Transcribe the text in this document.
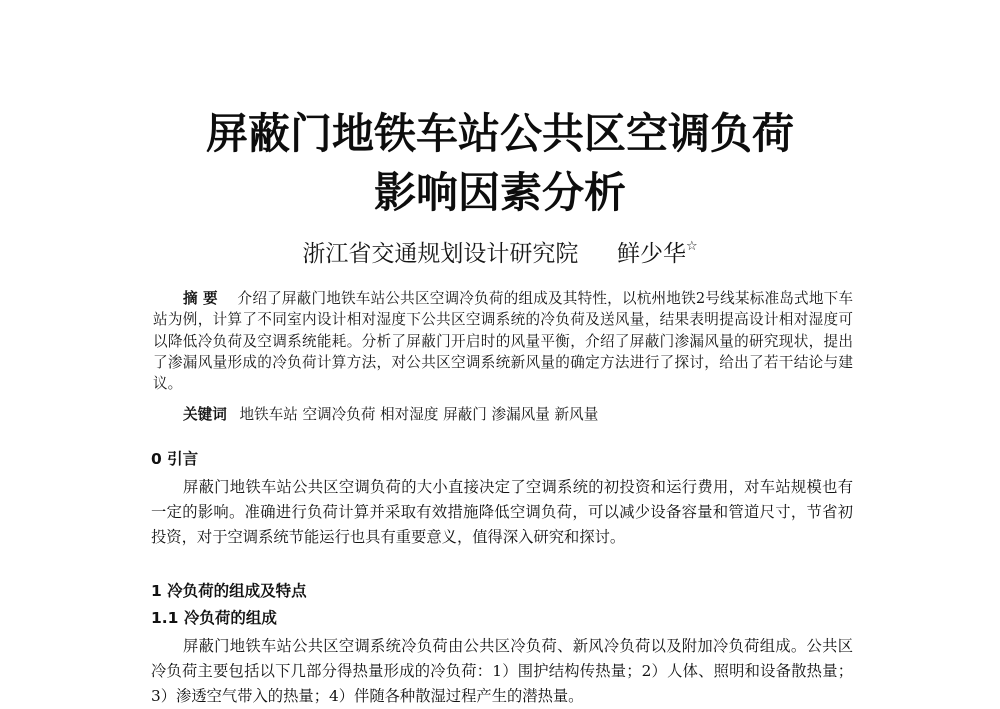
屏蔽门地铁车站公共区空调负荷
影响因素分析
浙江省交通规划设计研究院 鲜少华☆

摘 要 介绍了屏蔽门地铁车站公共区空调冷负荷的组成及其特性，以杭州地铁2号线某标准岛式地下车站为例，计算了不同室内设计相对湿度下公共区空调系统的冷负荷及送风量，结果表明提高设计相对湿度可以降低冷负荷及空调系统能耗。分析了屏蔽门开启时的风量平衡，介绍了屏蔽门渗漏风量的研究现状，提出了渗漏风量形成的冷负荷计算方法，对公共区空调系统新风量的确定方法进行了探讨，给出了若干结论与建议。

关键词 地铁车站 空调冷负荷 相对湿度 屏蔽门 渗漏风量 新风量

0 引言

屏蔽门地铁车站公共区空调负荷的大小直接决定了空调系统的初投资和运行费用，对车站规模也有一定的影响。准确进行负荷计算并采取有效措施降低空调负荷，可以减少设备容量和管道尺寸，节省初投资，对于空调系统节能运行也具有重要意义，值得深入研究和探讨。

1 冷负荷的组成及特点
1.1 冷负荷的组成

屏蔽门地铁车站公共区空调系统冷负荷由公共区冷负荷、新风冷负荷以及附加冷负荷组成。公共区冷负荷主要包括以下几部分得热量形成的冷负荷：1）围护结构传热量；2）人体、照明和设备散热量；3）渗透空气带入的热量；4）伴随各种散湿过程产生的潜热量。
